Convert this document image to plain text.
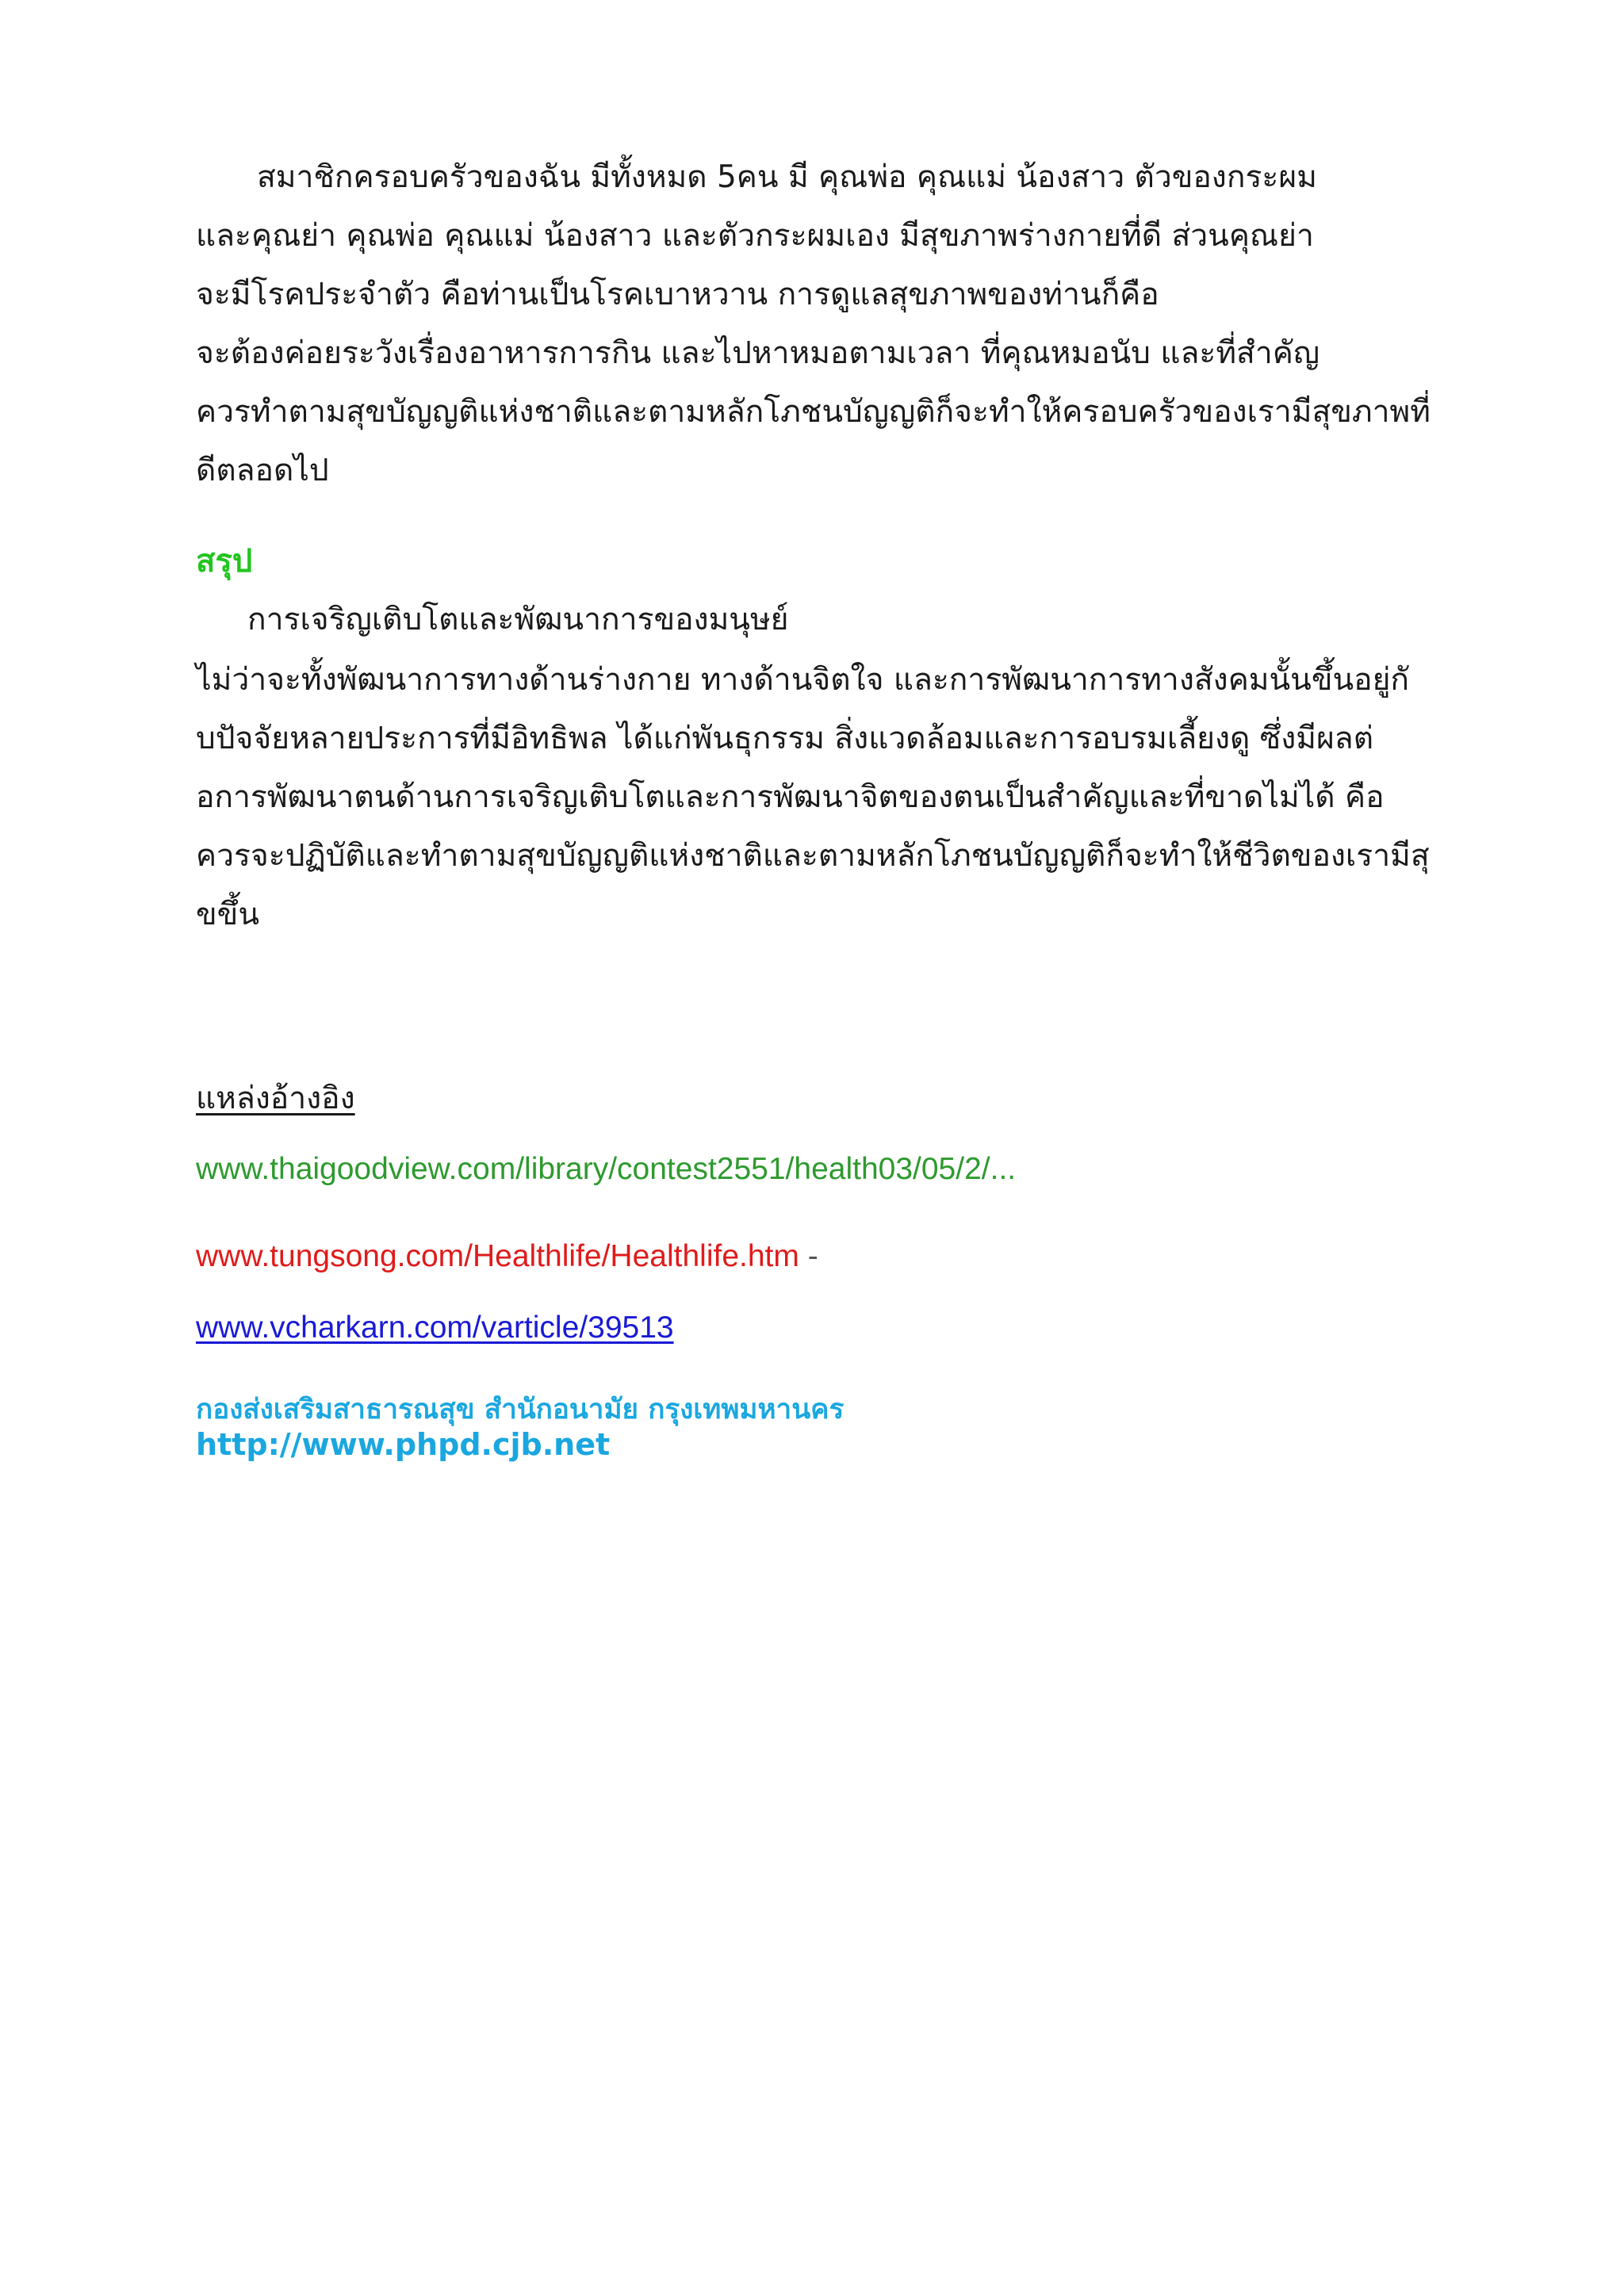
สมาชิกครอบครัวของฉัน มีทั้งหมด 5คน มี คุณพ่อ คุณแม่ น้องสาว ตัวของกระผม
และคุณย่า คุณพ่อ คุณแม่ น้องสาว และตัวกระผมเอง มีสุขภาพร่างกายที่ดี ส่วนคุณย่า
จะมีโรคประจำตัว คือท่านเป็นโรคเบาหวาน การดูแลสุขภาพของท่านก็คือ
จะต้องค่อยระวังเรื่องอาหารการกิน และไปหาหมอตามเวลา ที่คุณหมอนับ และที่สำคัญ
ควรทำตามสุขบัญญติแห่งชาติและตามหลักโภชนบัญญติก็จะทำให้ครอบครัวของเรามีสุขภาพที่
ดีตลอดไป
สรุป
การเจริญเติบโตและพัฒนาการของมนุษย์
ไม่ว่าจะทั้งพัฒนาการทางด้านร่างกาย ทางด้านจิตใจ และการพัฒนาการทางสังคมนั้นขึ้นอยู่กั
บปัจจัยหลายประการที่มีอิทธิพล ได้แก่พันธุกรรม สิ่งแวดล้อมและการอบรมเลี้ยงดู ซึ่งมีผลต่
อการพัฒนาตนด้านการเจริญเติบโตและการพัฒนาจิตของตนเป็นสำคัญและที่ขาดไม่ได้ คือ
ควรจะปฏิบัติและทำตามสุขบัญญติแห่งชาติและตามหลักโภชนบัญญติก็จะทำให้ชีวิตของเรามีสุ
ขขึ้น
แหล่งอ้างอิง
www.thaigoodview.com/library/contest2551/health03/05/2/...
www.tungsong.com/Healthlife/Healthlife.htm -
www.vcharkarn.com/varticle/39513
กองส่งเสริมสาธารณสุข สำนักอนามัย กรุงเทพมหานคร
http://www.phpd.cjb.net
